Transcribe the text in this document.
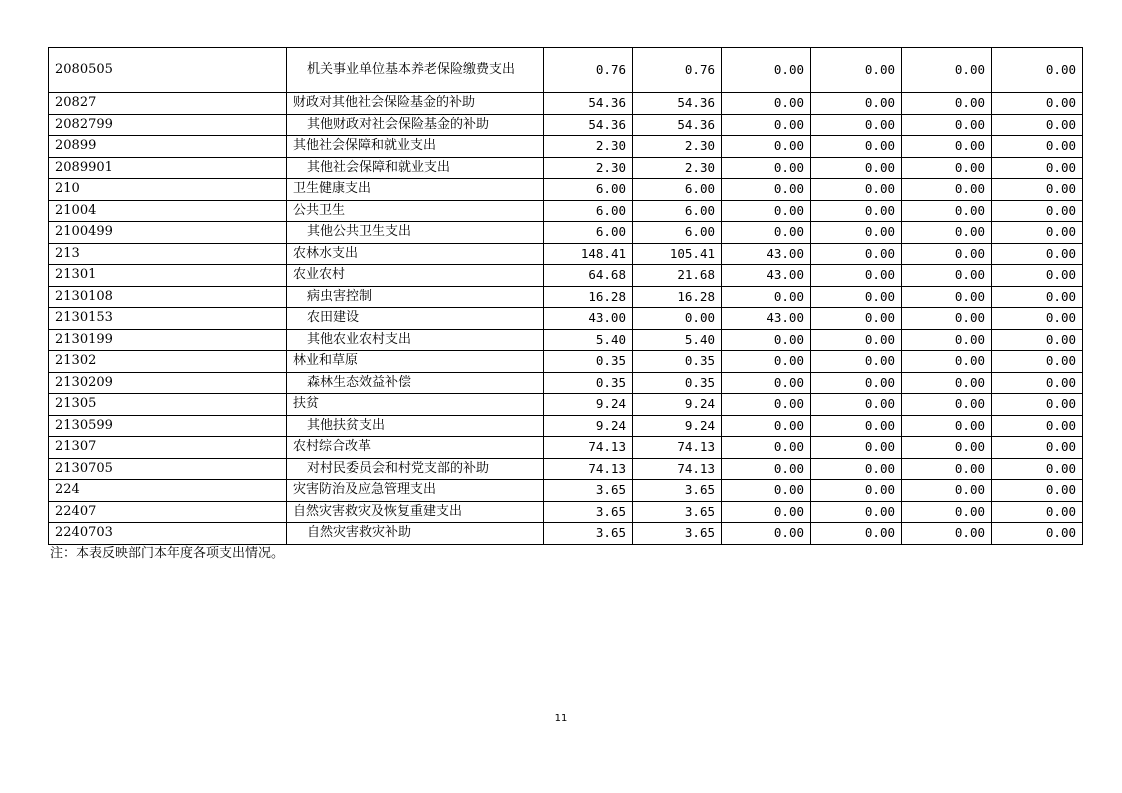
2080505	机关事业单位基本养老保险缴费支出	0.76	0.76	0.00	0.00	0.00	0.00
20827	财政对其他社会保险基金的补助	54.36	54.36	0.00	0.00	0.00	0.00
2082799	其他财政对社会保险基金的补助	54.36	54.36	0.00	0.00	0.00	0.00
20899	其他社会保障和就业支出	2.30	2.30	0.00	0.00	0.00	0.00
2089901	其他社会保障和就业支出	2.30	2.30	0.00	0.00	0.00	0.00
210	卫生健康支出	6.00	6.00	0.00	0.00	0.00	0.00
21004	公共卫生	6.00	6.00	0.00	0.00	0.00	0.00
2100499	其他公共卫生支出	6.00	6.00	0.00	0.00	0.00	0.00
213	农林水支出	148.41	105.41	43.00	0.00	0.00	0.00
21301	农业农村	64.68	21.68	43.00	0.00	0.00	0.00
2130108	病虫害控制	16.28	16.28	0.00	0.00	0.00	0.00
2130153	农田建设	43.00	0.00	43.00	0.00	0.00	0.00
2130199	其他农业农村支出	5.40	5.40	0.00	0.00	0.00	0.00
21302	林业和草原	0.35	0.35	0.00	0.00	0.00	0.00
2130209	森林生态效益补偿	0.35	0.35	0.00	0.00	0.00	0.00
21305	扶贫	9.24	9.24	0.00	0.00	0.00	0.00
2130599	其他扶贫支出	9.24	9.24	0.00	0.00	0.00	0.00
21307	农村综合改革	74.13	74.13	0.00	0.00	0.00	0.00
2130705	对村民委员会和村党支部的补助	74.13	74.13	0.00	0.00	0.00	0.00
224	灾害防治及应急管理支出	3.65	3.65	0.00	0.00	0.00	0.00
22407	自然灾害救灾及恢复重建支出	3.65	3.65	0.00	0.00	0.00	0.00
2240703	自然灾害救灾补助	3.65	3.65	0.00	0.00	0.00	0.00
注：本表反映部门本年度各项支出情况。
11
